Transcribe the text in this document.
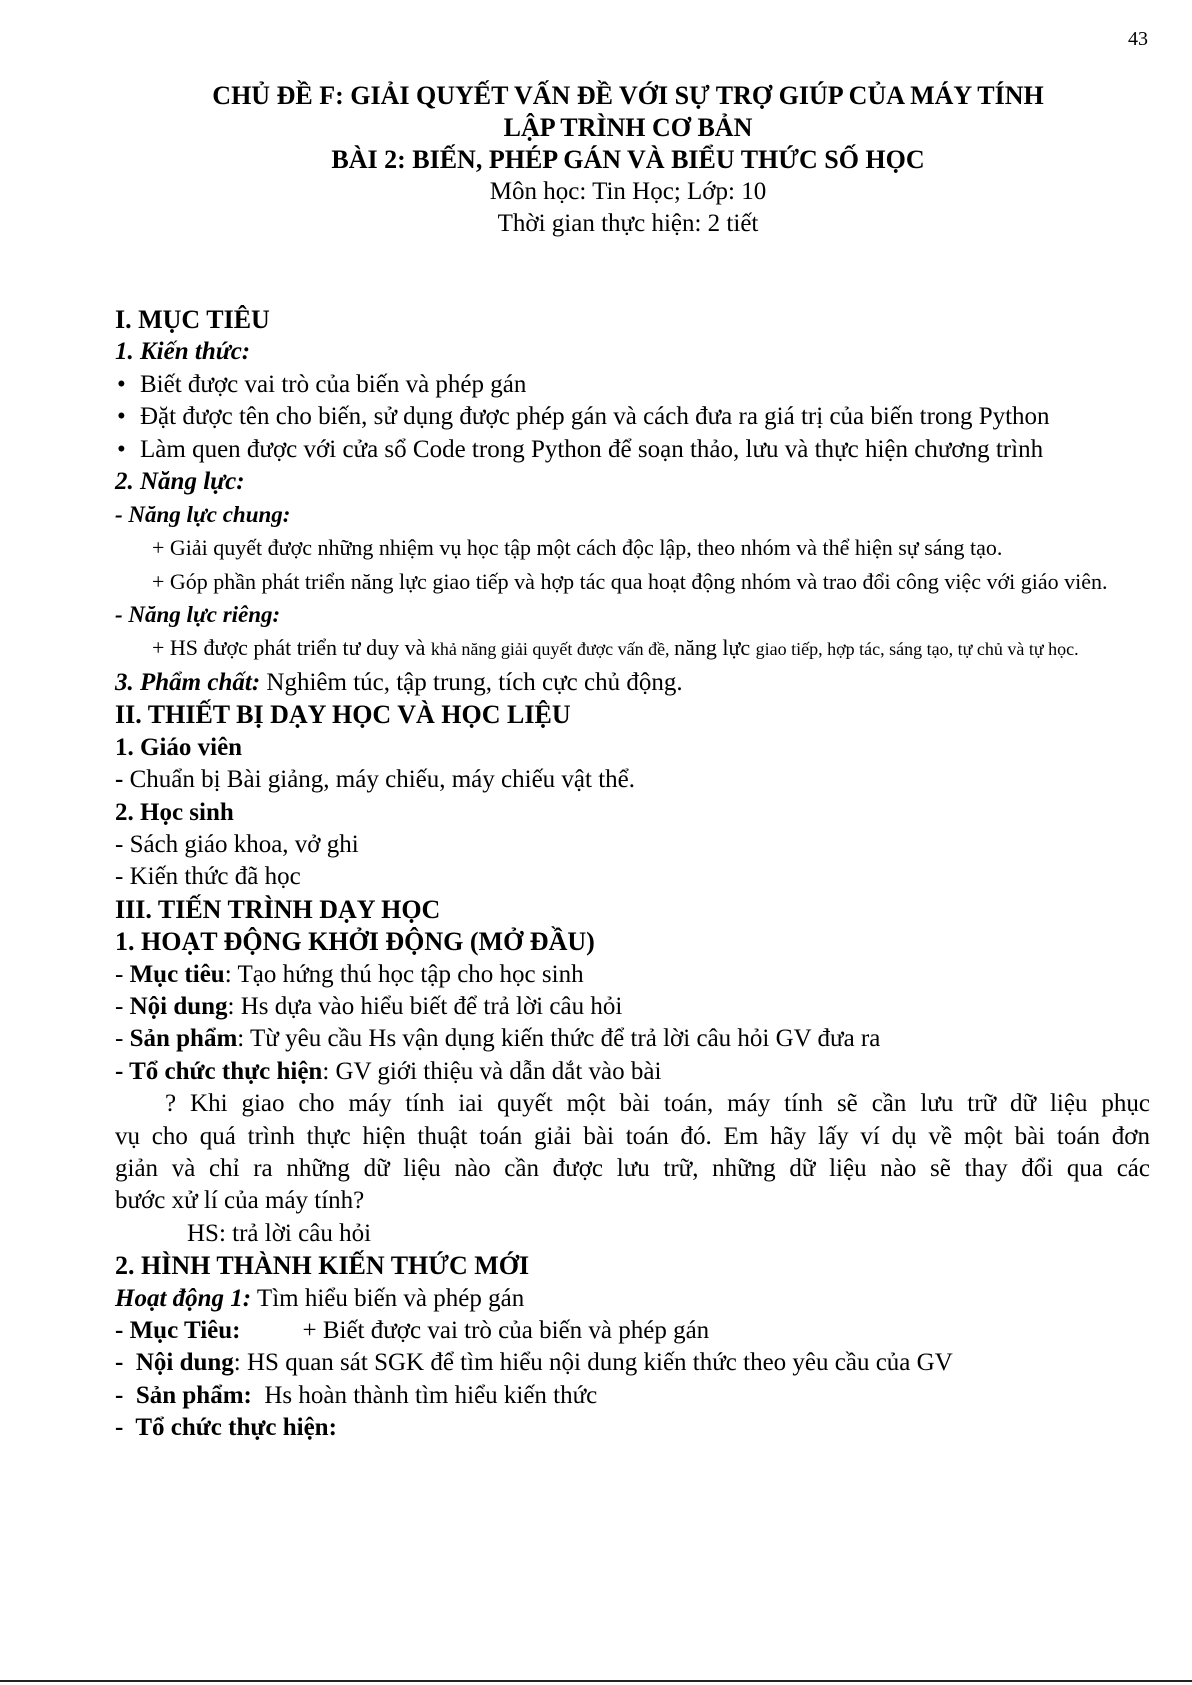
43
CHỦ ĐỀ F: GIẢI QUYẾT VẤN ĐỀ VỚI SỰ TRỢ GIÚP CỦA MÁY TÍNH
LẬP TRÌNH CƠ BẢN
BÀI 2: BIẾN, PHÉP GÁN VÀ BIỂU THỨC SỐ HỌC
Môn học: Tin Học; Lớp: 10
Thời gian thực hiện: 2 tiết
I. MỤC TIÊU
1. Kiến thức:
• Biết được vai trò của biến và phép gán
• Đặt được tên cho biến, sử dụng được phép gán và cách đưa ra giá trị của biến trong Python
• Làm quen được với cửa sổ Code trong Python để soạn thảo, lưu và thực hiện chương trình
2. Năng lực:
- Năng lực chung:
+ Giải quyết được những nhiệm vụ học tập một cách độc lập, theo nhóm và thể hiện sự sáng tạo.
+ Góp phần phát triển năng lực giao tiếp và hợp tác qua hoạt động nhóm và trao đổi công việc với giáo viên.
- Năng lực riêng:
+ HS được phát triển tư duy và khả năng giải quyết được vấn đề, năng lực giao tiếp, hợp tác, sáng tạo, tự chủ và tự học.
3. Phẩm chất: Nghiêm túc, tập trung, tích cực chủ động.
II. THIẾT BỊ DẠY HỌC VÀ HỌC LIỆU
1. Giáo viên
- Chuẩn bị Bài giảng, máy chiếu, máy chiếu vật thể.
2. Học sinh
- Sách giáo khoa, vở ghi
- Kiến thức đã học
III. TIẾN TRÌNH DẠY HỌC
1. HOẠT ĐỘNG KHỞI ĐỘNG (MỞ ĐẦU)
- Mục tiêu: Tạo hứng thú học tập cho học sinh
- Nội dung: Hs dựa vào hiểu biết để trả lời câu hỏi
- Sản phẩm: Từ yêu cầu Hs vận dụng kiến thức để trả lời câu hỏi GV đưa ra
- Tổ chức thực hiện: GV giới thiệu và dẫn dắt vào bài
? Khi giao cho máy tính iai quyết một bài toán, máy tính sẽ cần lưu trữ dữ liệu phục
vụ cho quá trình thực hiện thuật toán giải bài toán đó. Em hãy lấy ví dụ về một bài toán đơn
giản và chỉ ra những dữ liệu nào cần được lưu trữ, những dữ liệu nào sẽ thay đổi qua các
bước xử lí của máy tính?
HS: trả lời câu hỏi
2. HÌNH THÀNH KIẾN THỨC MỚI
Hoạt động 1: Tìm hiểu biến và phép gán
- Mục Tiêu: + Biết được vai trò của biến và phép gán
-  Nội dung: HS quan sát SGK để tìm hiểu nội dung kiến thức theo yêu cầu của GV
-  Sản phẩm:  Hs hoàn thành tìm hiểu kiến thức
-  Tổ chức thực hiện:
